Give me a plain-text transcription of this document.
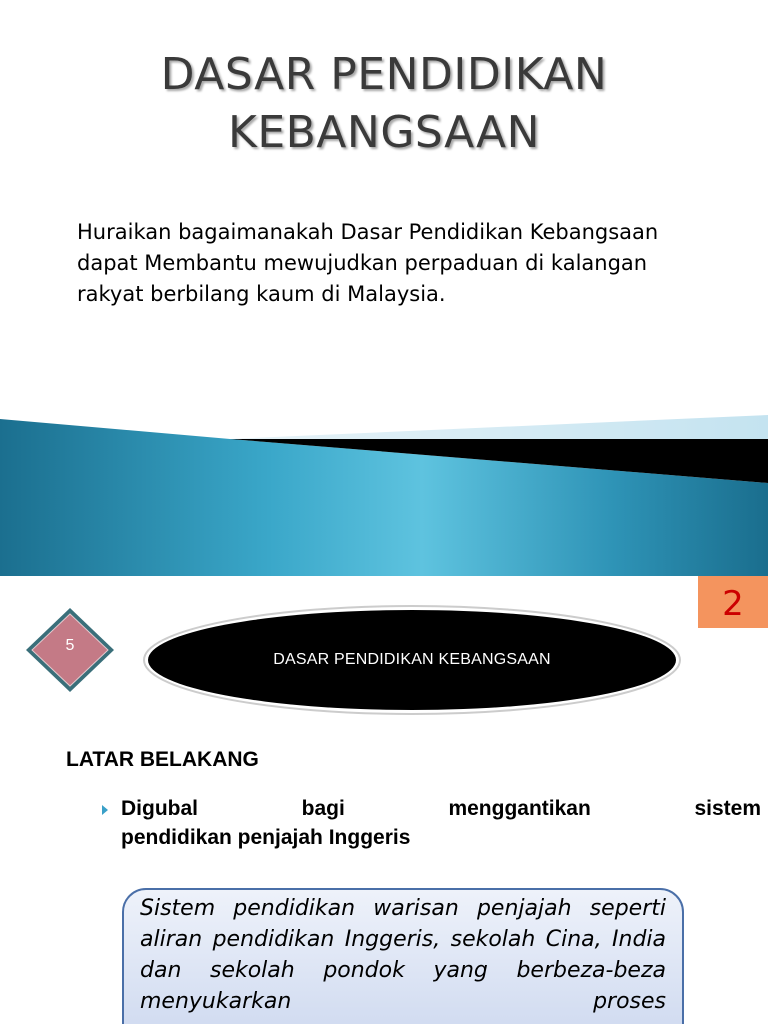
DASAR PENDIDIKAN
KEBANGSAAN
Huraikan bagaimanakah Dasar Pendidikan Kebangsaan dapat Membantu mewujudkan perpaduan di kalangan rakyat berbilang kaum di Malaysia.
2
5
DASAR PENDIDIKAN KEBANGSAAN
LATAR BELAKANG
Digubal bagi menggantikan sistem
pendidikan penjajah Inggeris
Sistem pendidikan warisan penjajah seperti aliran pendidikan Inggeris, sekolah Cina, India dan sekolah pondok yang berbeza-beza menyukarkan proses
